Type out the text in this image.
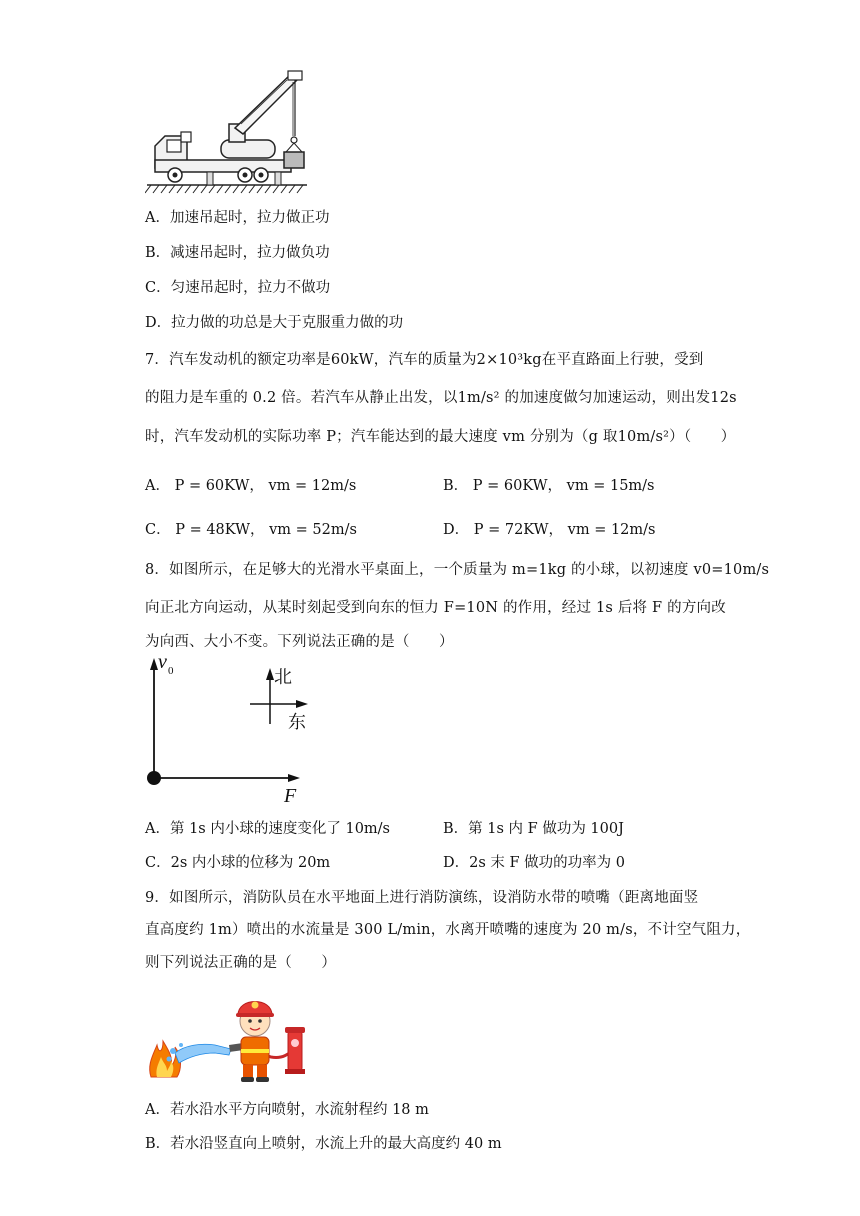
A．加速吊起时，拉力做正功
B．减速吊起时，拉力做负功
C．匀速吊起时，拉力不做功
D．拉力做的功总是大于克服重力做的功
7．汽车发动机的额定功率是60kW，汽车的质量为2×10³kg在平直路面上行驶，受到
的阻力是车重的 0.2 倍。若汽车从静止出发，以1m/s² 的加速度做匀加速运动，则出发12s
时，汽车发动机的实际功率 P；汽车能达到的最大速度 vm 分别为（g 取10m/s²）（　　）
A． P = 60KW， vm = 12m/s	B． P = 60KW， vm = 15m/s
C． P = 48KW， vm = 52m/s	D． P = 72KW， vm = 12m/s
8．如图所示，在足够大的光滑水平桌面上，一个质量为 m=1kg 的小球，以初速度 v0=10m/s
向正北方向运动，从某时刻起受到向东的恒力 F=10N 的作用，经过 1s 后将 F 的方向改
为向西、大小不变。下列说法正确的是（　　）
v 0	北
东
F
A．第 1s 内小球的速度变化了 10m/s	B．第 1s 内 F 做功为 100J
C．2s 内小球的位移为 20m	D．2s 末 F 做功的功率为 0
9．如图所示，消防队员在水平地面上进行消防演练，设消防水带的喷嘴（距离地面竖
直高度约 1m）喷出的水流量是 300 L/min，水离开喷嘴的速度为 20 m/s，不计空气阻力，
则下列说法正确的是（　　）
A．若水沿水平方向喷射，水流射程约 18 m
B．若水沿竖直向上喷射，水流上升的最大高度约 40 m
